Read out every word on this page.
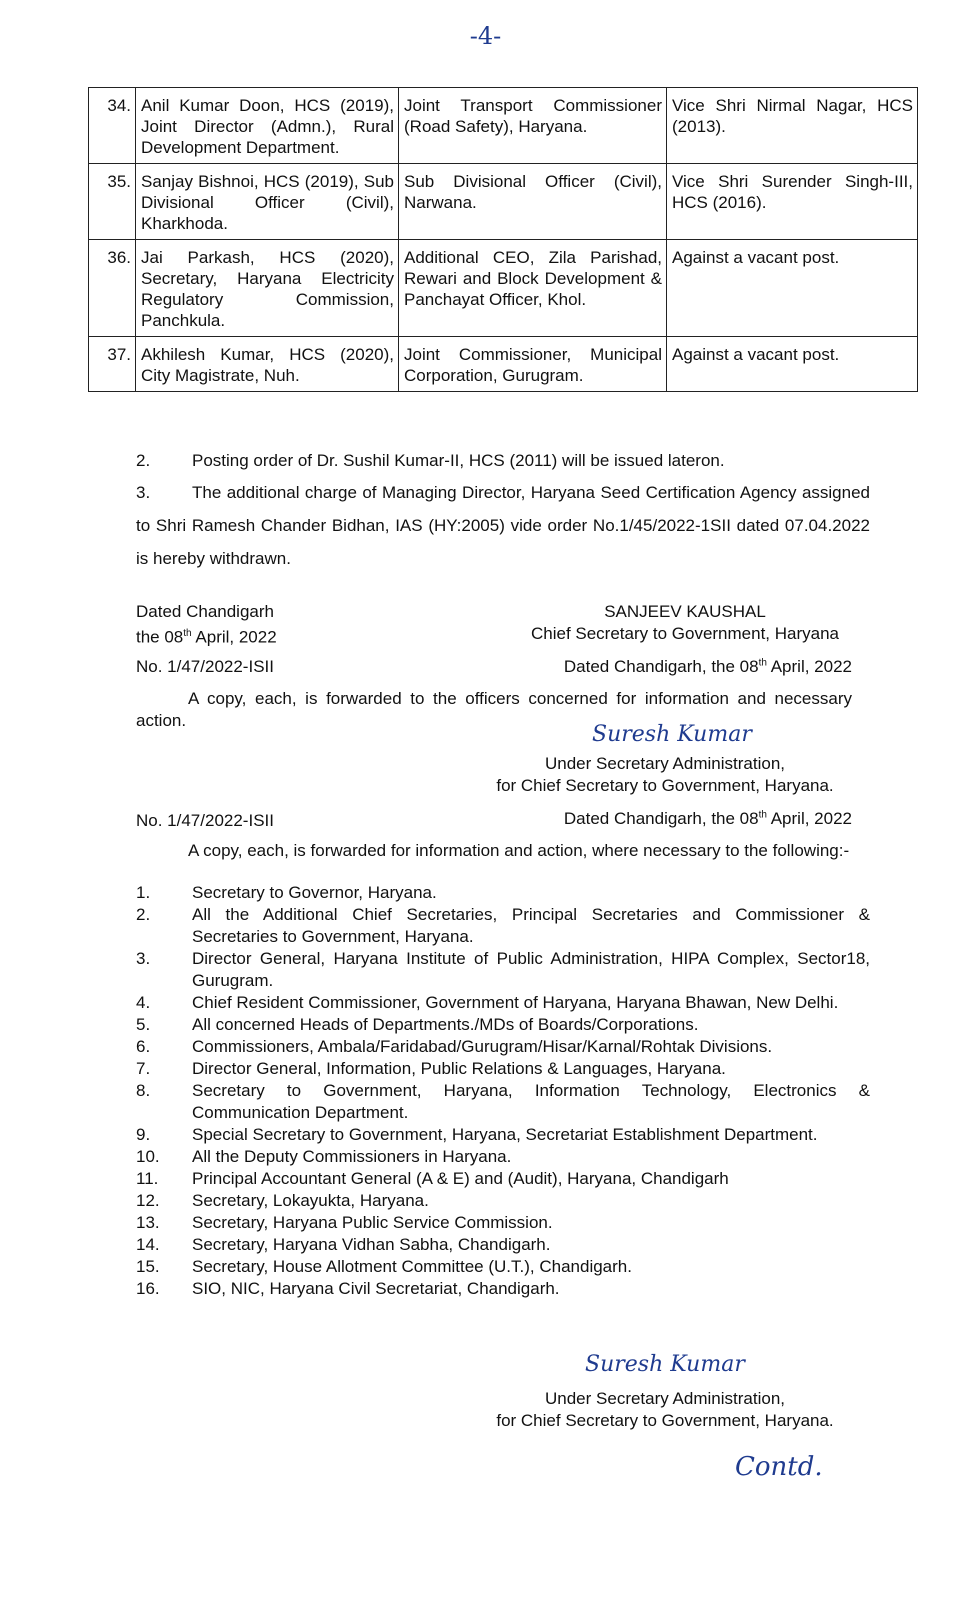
-4-
34.	Anil Kumar Doon, HCS (2019), Joint Director (Admn.), Rural Development Department.	Joint Transport Commissioner (Road Safety), Haryana.	Vice Shri Nirmal Nagar, HCS (2013).
35.	Sanjay Bishnoi, HCS (2019), Sub Divisional Officer (Civil), Kharkhoda.	Sub Divisional Officer (Civil), Narwana.	Vice Shri Surender Singh-III, HCS (2016).
36.	Jai Parkash, HCS (2020), Secretary, Haryana Electricity Regulatory Commission, Panchkula.	Additional CEO, Zila Parishad, Rewari and Block Development & Panchayat Officer, Khol.	Against a vacant post.
37.	Akhilesh Kumar, HCS (2020), City Magistrate, Nuh.	Joint Commissioner, Municipal Corporation, Gurugram.	Against a vacant post.

2. Posting order of Dr. Sushil Kumar-II, HCS (2011) will be issued lateron.

3. The additional charge of Managing Director, Haryana Seed Certification Agency assigned to Shri Ramesh Chander Bidhan, IAS (HY:2005) vide order No.1/45/2022-1SII dated 07.04.2022 is hereby withdrawn.

Dated Chandigarh
the 08th April, 2022
SANJEEV KAUSHAL
Chief Secretary to Government, Haryana
No. 1/47/2022-ISII	Dated Chandigarh, the 08th April, 2022

A copy, each, is forwarded to the officers concerned for information and necessary action.

Suresh Kumar
Under Secretary Administration,
for Chief Secretary to Government, Haryana.
No. 1/47/2022-ISII	Dated Chandigarh, the 08th April, 2022

A copy, each, is forwarded for information and action, where necessary to the following:-

1.	Secretary to Governor, Haryana.
2.	All the Additional Chief Secretaries, Principal Secretaries and Commissioner & Secretaries to Government, Haryana.
3.	Director General, Haryana Institute of Public Administration, HIPA Complex, Sector18, Gurugram.
4.	Chief Resident Commissioner, Government of Haryana, Haryana Bhawan, New Delhi.
5.	All concerned Heads of Departments./MDs of Boards/Corporations.
6.	Commissioners, Ambala/Faridabad/Gurugram/Hisar/Karnal/Rohtak Divisions.
7.	Director General, Information, Public Relations & Languages, Haryana.
8.	Secretary to Government, Haryana, Information Technology, Electronics & Communication Department.
9.	Special Secretary to Government, Haryana, Secretariat Establishment Department.
10.	All the Deputy Commissioners in Haryana.
11.	Principal Accountant General (A & E) and (Audit), Haryana, Chandigarh
12.	Secretary, Lokayukta, Haryana.
13.	Secretary, Haryana Public Service Commission.
14.	Secretary, Haryana Vidhan Sabha, Chandigarh.
15.	Secretary, House Allotment Committee (U.T.), Chandigarh.
16.	SIO, NIC, Haryana Civil Secretariat, Chandigarh.
Suresh Kumar
Under Secretary Administration,
for Chief Secretary to Government, Haryana.
Contd.
